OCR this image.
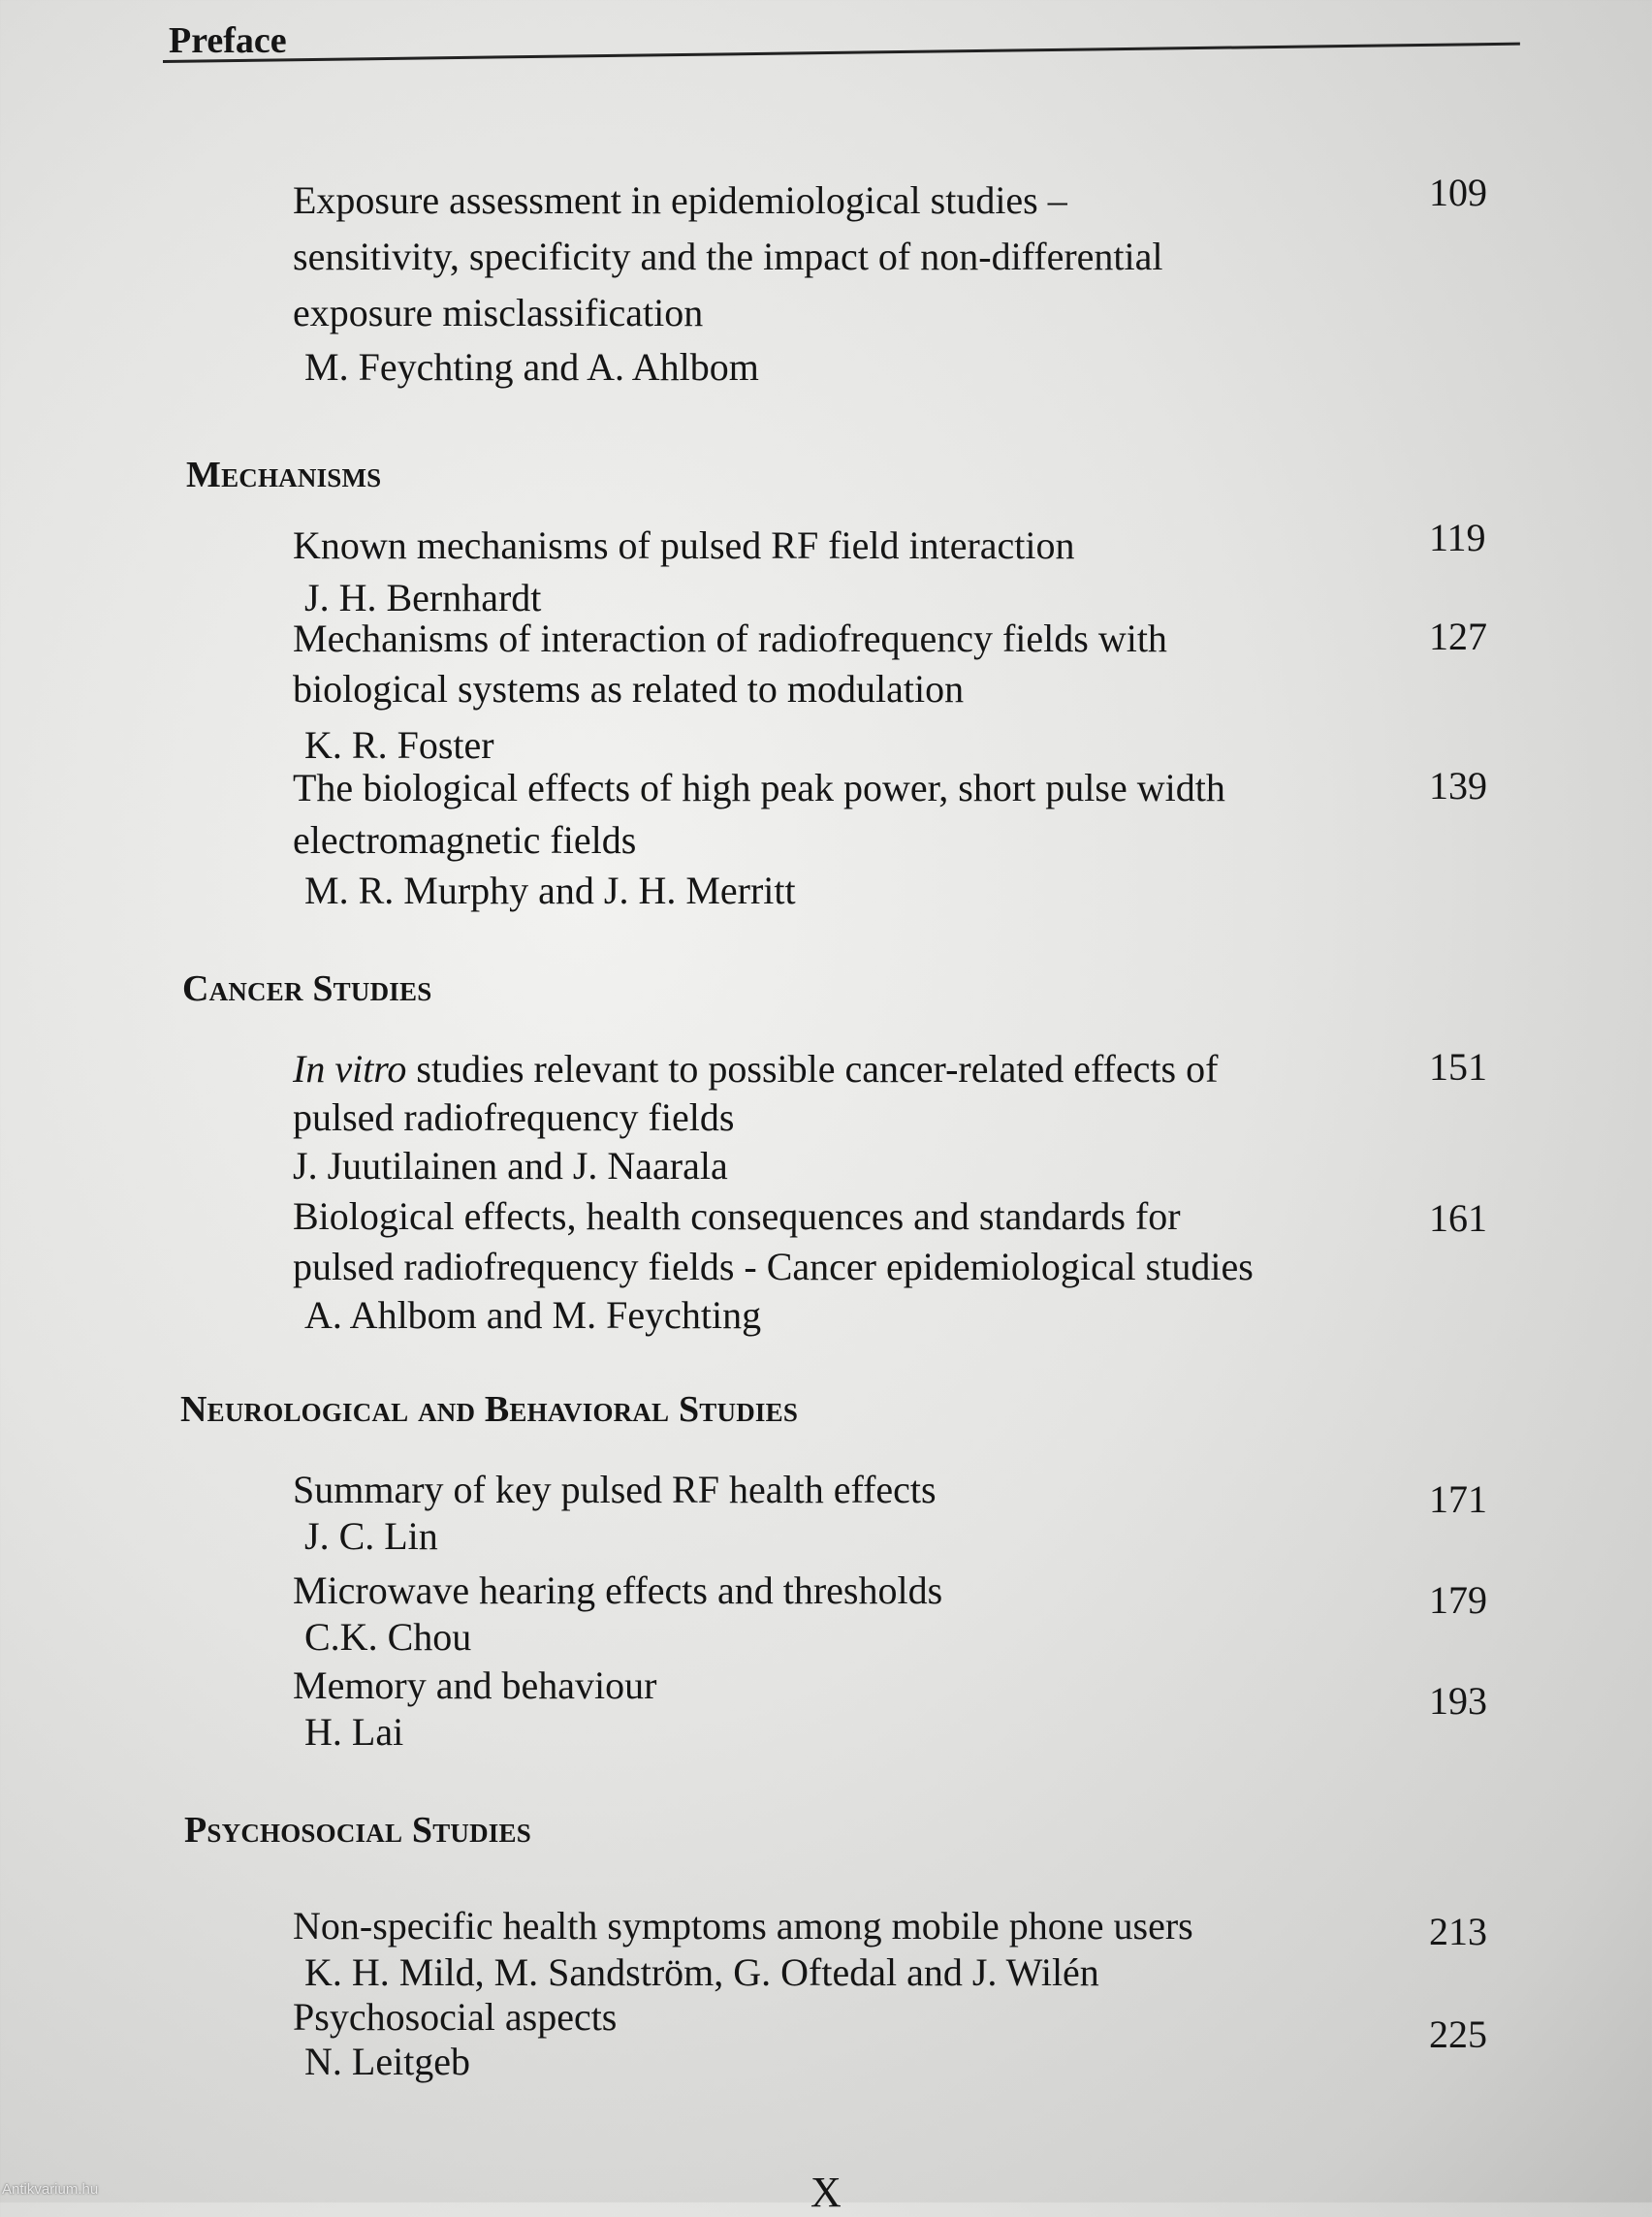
Preface
Exposure assessment in epidemiological studies –
sensitivity, specificity and the impact of non-differential
exposure misclassification
M. Feychting and A. Ahlbom
109
Mechanisms
Known mechanisms of pulsed RF field interaction
J. H. Bernhardt
119
Mechanisms of interaction of radiofrequency fields with
biological systems as related to modulation
K. R. Foster
127
The biological effects of high peak power, short pulse width
electromagnetic fields
M. R. Murphy and J. H. Merritt
139
Cancer Studies
In vitro studies relevant to possible cancer-related effects of
pulsed radiofrequency fields
J. Juutilainen and J. Naarala
151
Biological effects, health consequences and standards for
pulsed radiofrequency fields - Cancer epidemiological studies
A. Ahlbom and M. Feychting
161
Neurological and Behavioral Studies
Summary of key pulsed RF health effects
J. C. Lin
171
Microwave hearing effects and thresholds
C.K. Chou
179
Memory and behaviour
H. Lai
193
Psychosocial Studies
Non-specific health symptoms among mobile phone users
K. H. Mild, M. Sandström, G. Oftedal and J. Wilén
213
Psychosocial aspects
N. Leitgeb
225
X
Antikvarium.hu
